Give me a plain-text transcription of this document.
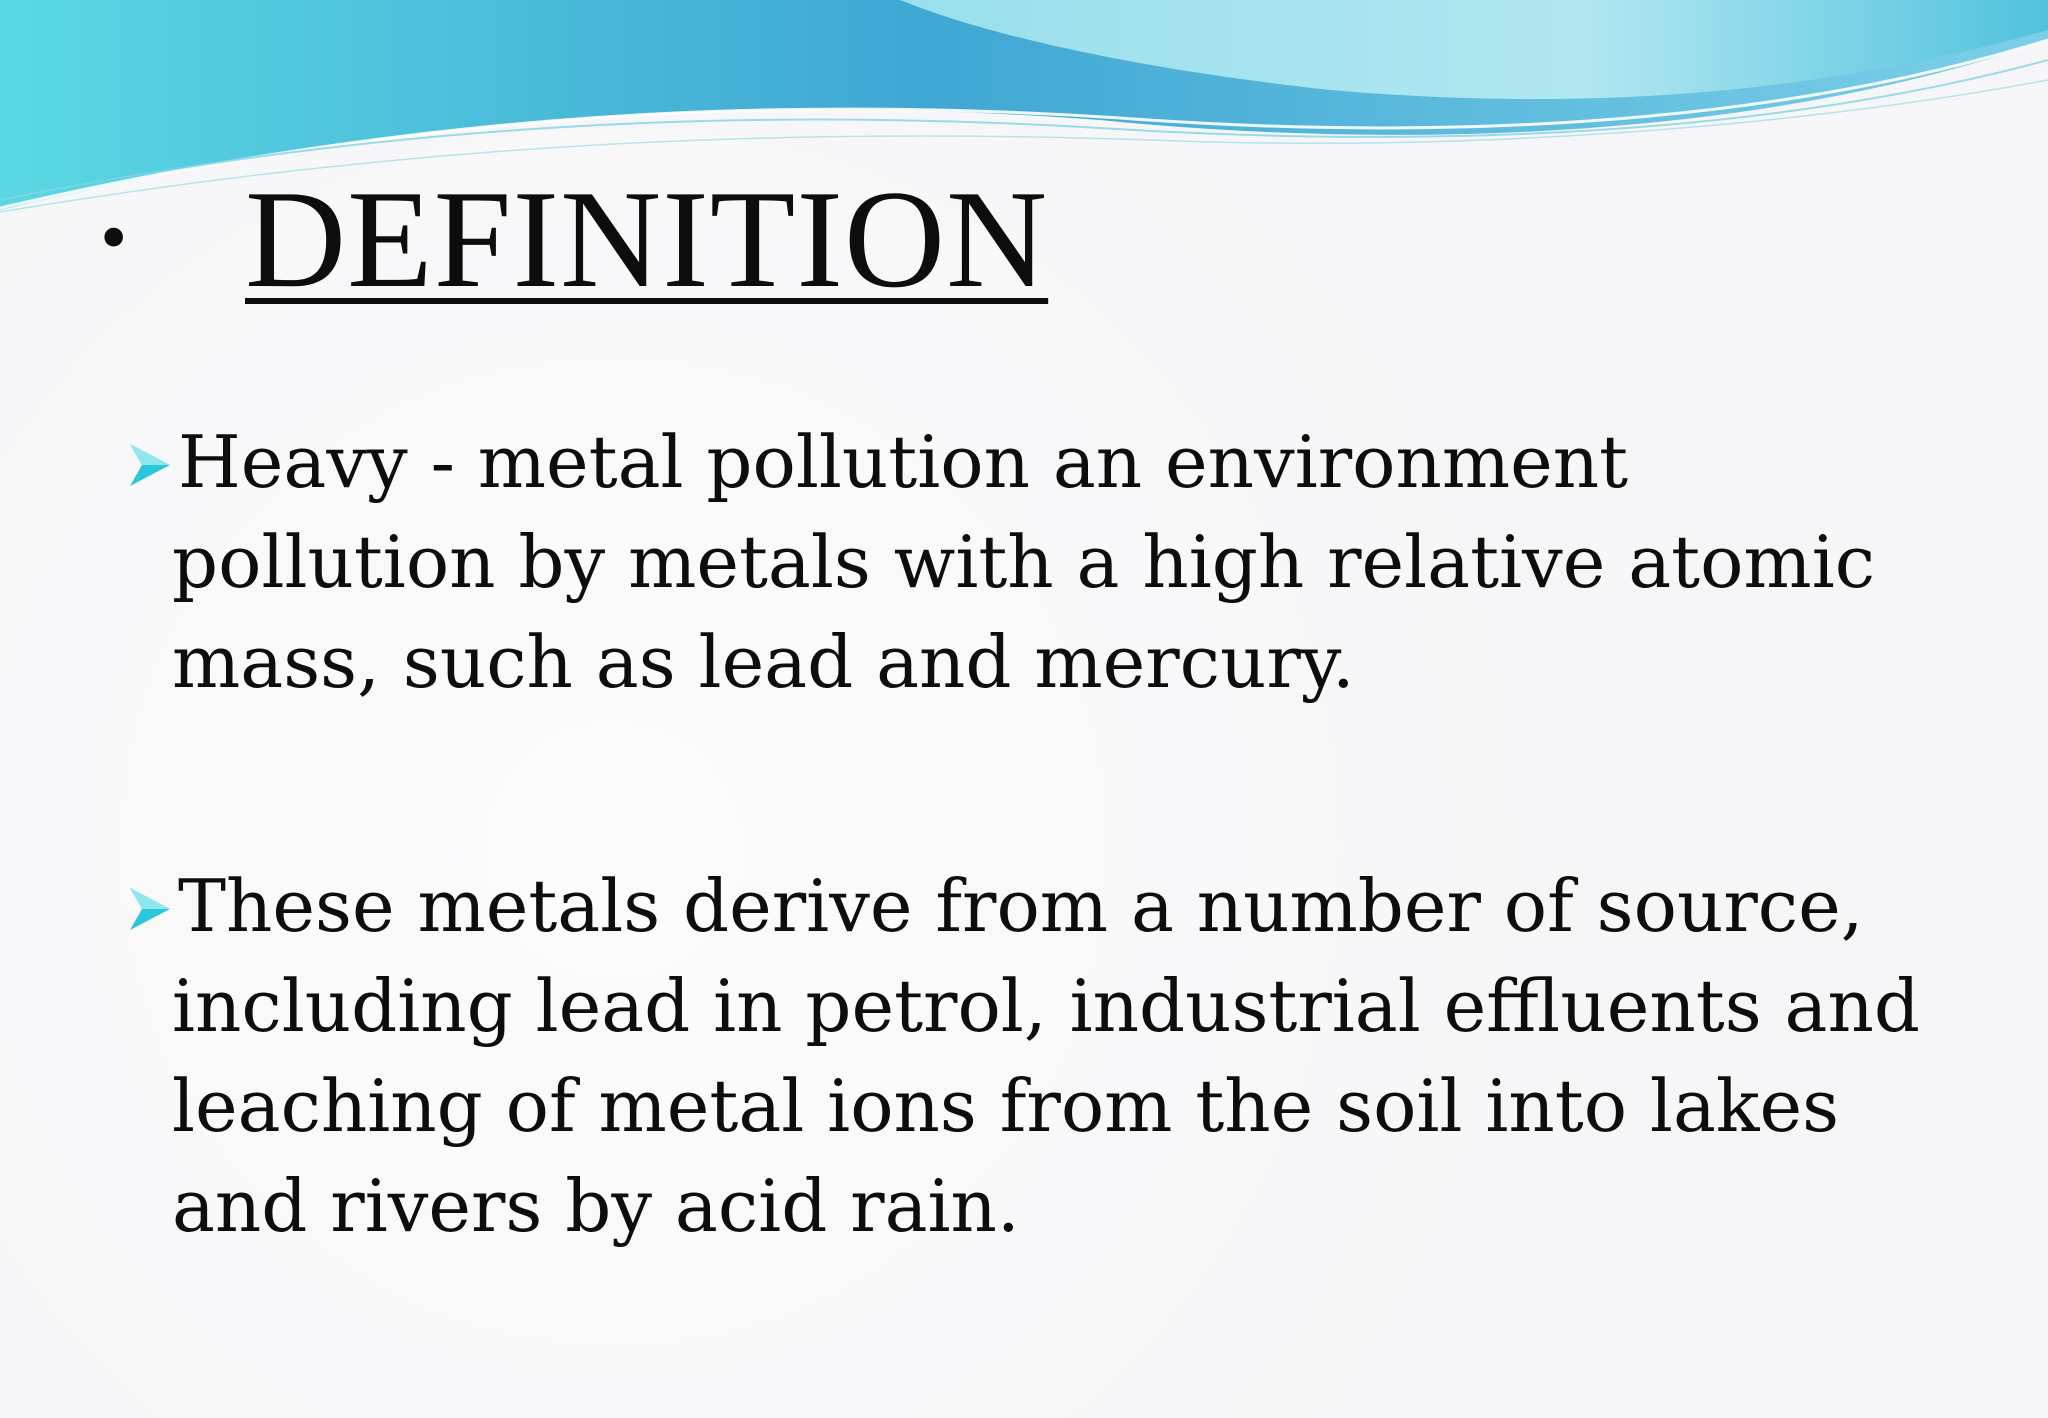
• DEFINITION
Heavy - metal pollution an environment
pollution by metals with a high relative atomic
mass, such as lead and mercury.
These metals derive from a number of source,
including lead in petrol, industrial effluents and
leaching of metal ions from the soil into lakes
and rivers by acid rain.
